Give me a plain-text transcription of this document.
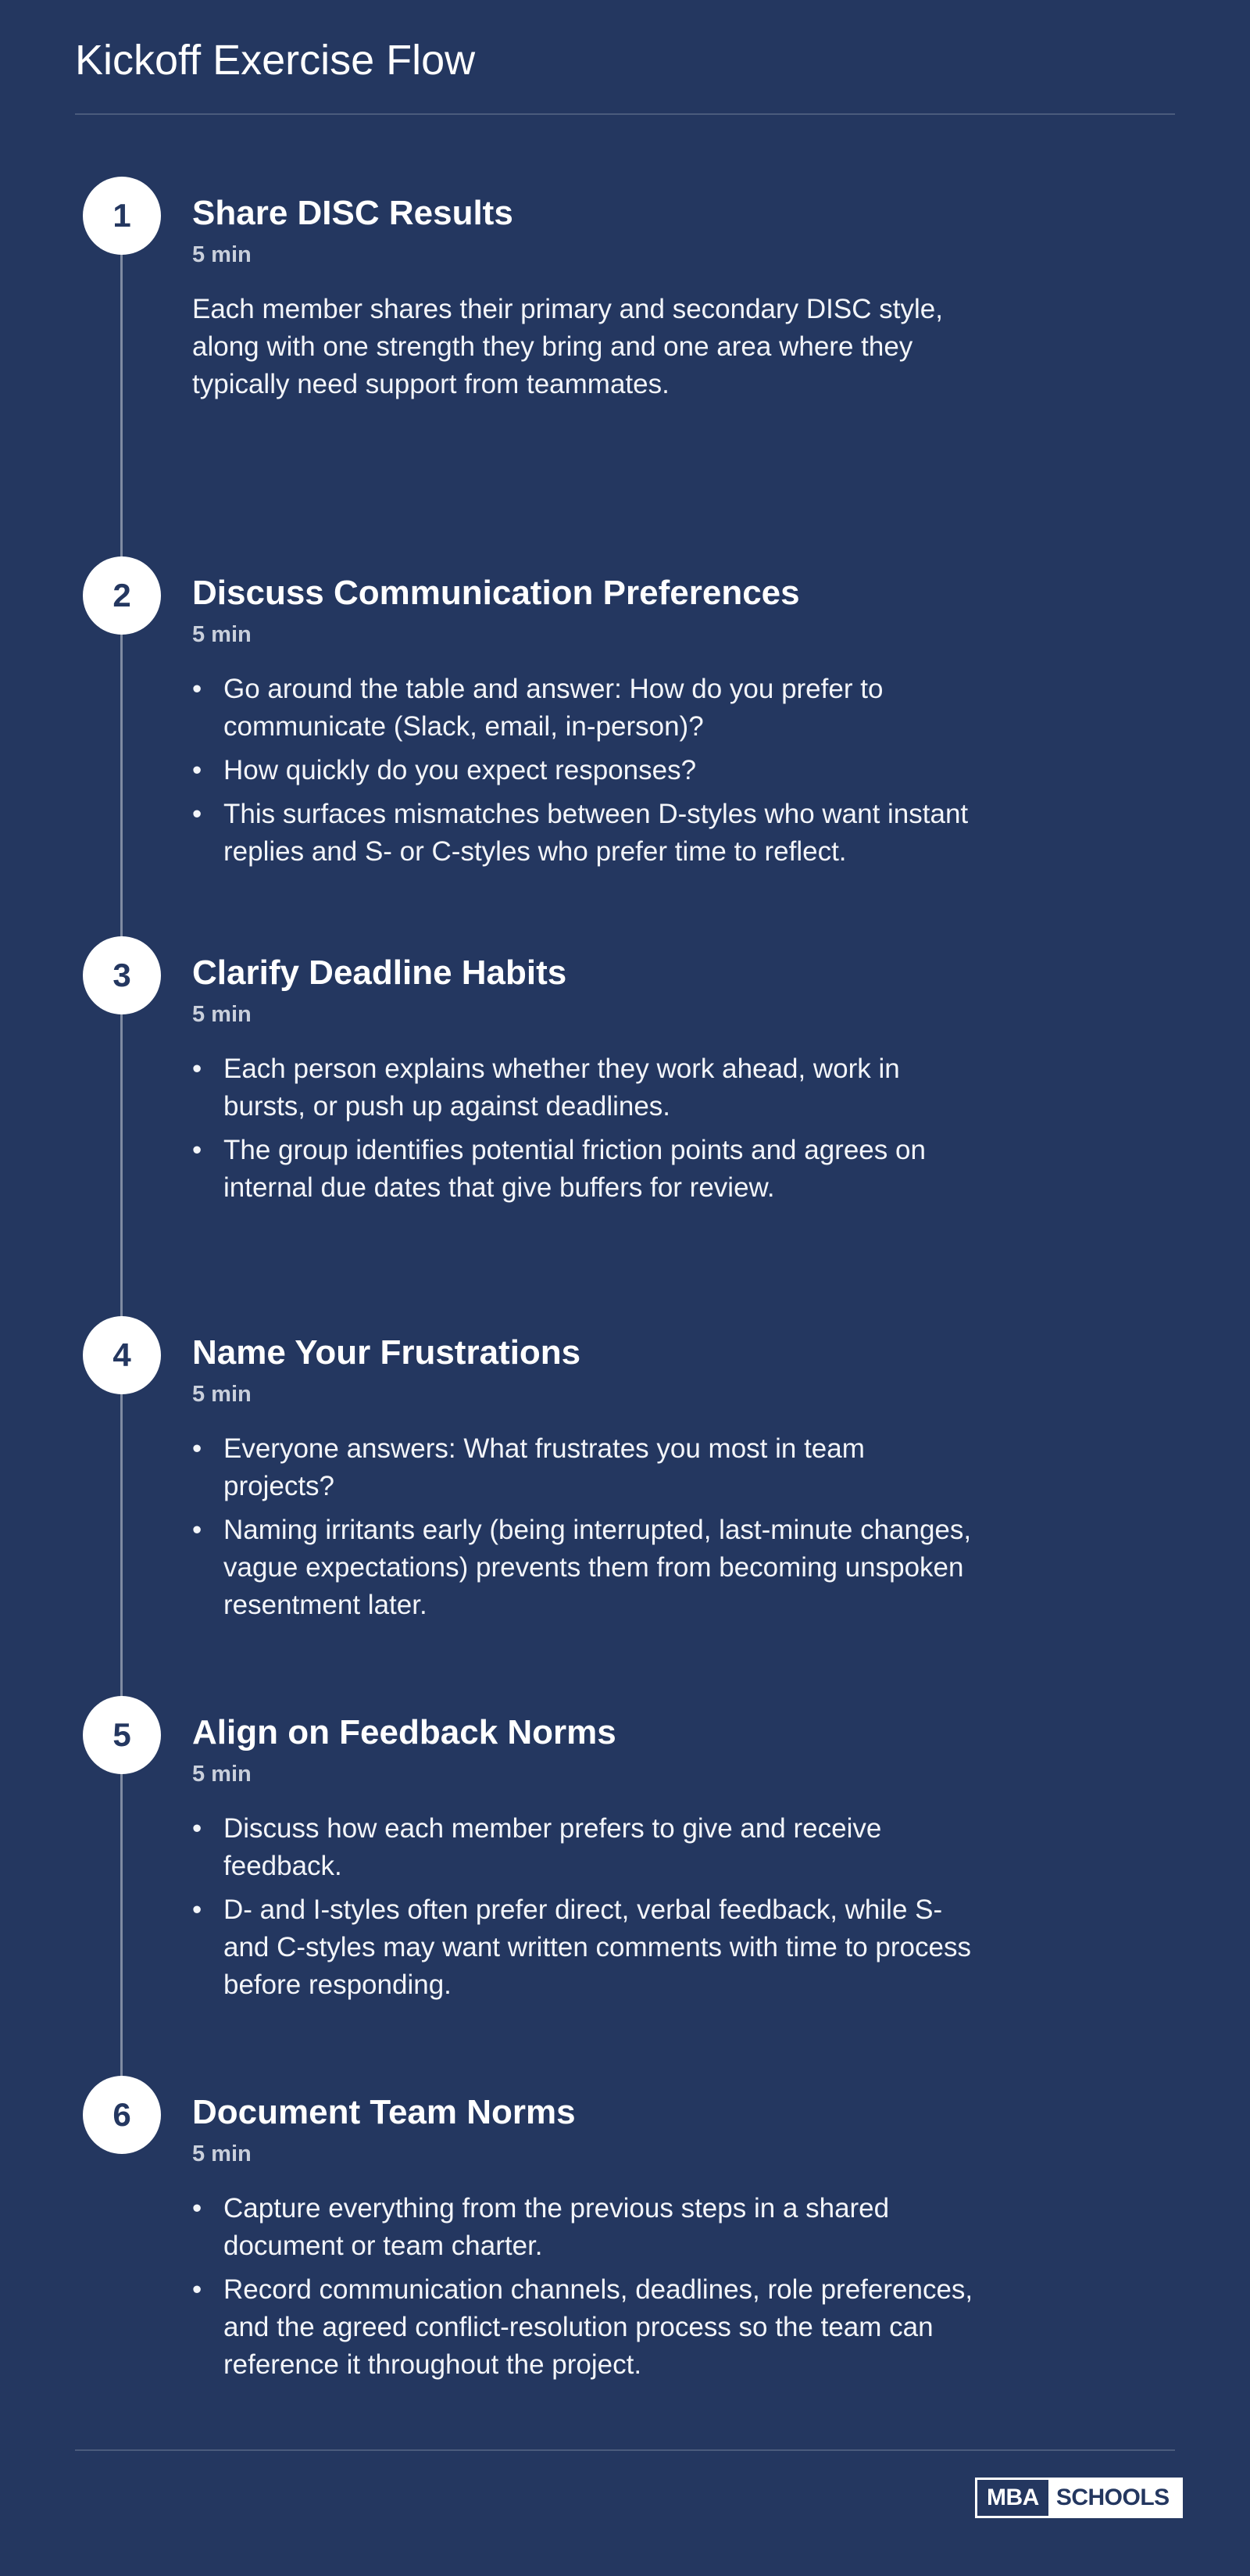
Kickoff Exercise Flow
1	Share DISC Results
5 min

Each member shares their primary and secondary DISC style, along with one strength they bring and one area where they typically need support from teammates.

2	Discuss Communication Preferences
5 min
• Go around the table and answer: How do you prefer to communicate (Slack, email, in-person)?
• How quickly do you expect responses?
• This surfaces mismatches between D-styles who want instant replies and S- or C-styles who prefer time to reflect.
3	Clarify Deadline Habits
5 min
• Each person explains whether they work ahead, work in bursts, or push up against deadlines.
• The group identifies potential friction points and agrees on internal due dates that give buffers for review.
4	Name Your Frustrations
5 min
• Everyone answers: What frustrates you most in team projects?
• Naming irritants early (being interrupted, last-minute changes, vague expectations) prevents them from becoming unspoken resentment later.
5	Align on Feedback Norms
5 min
• Discuss how each member prefers to give and receive feedback.
• D- and I-styles often prefer direct, verbal feedback, while S- and C-styles may want written comments with time to process before responding.
6	Document Team Norms
5 min
• Capture everything from the previous steps in a shared document or team charter.
• Record communication channels, deadlines, role preferences, and the agreed conflict-resolution process so the team can reference it throughout the project.
MBA SCHOOLS
